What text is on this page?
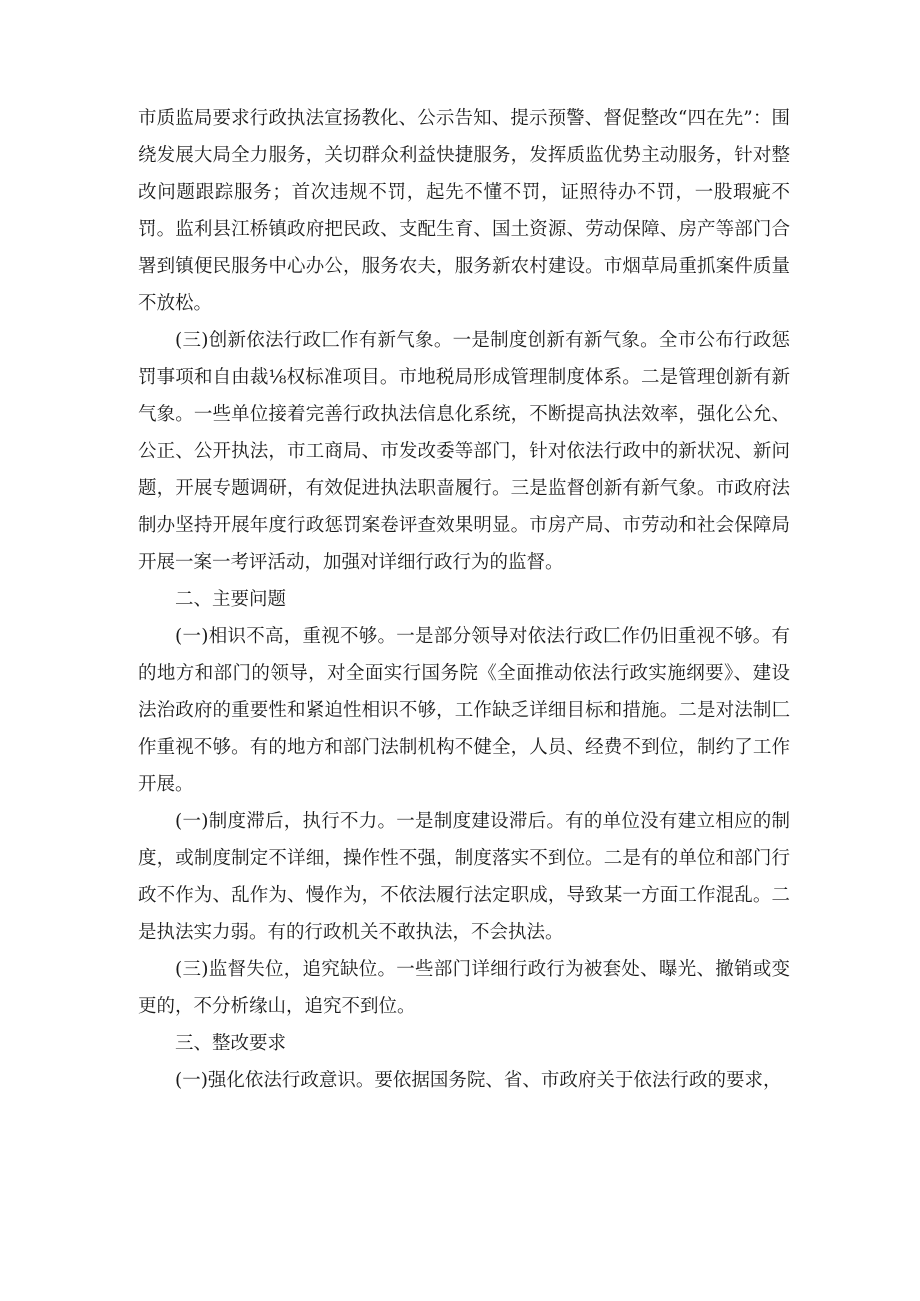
市质监局要求行政执法宣扬教化、公示告知、提示预警、督促整改“四在先”：围绕发展大局全力服务，关切群众利益快捷服务，发挥质监优势主动服务，针对整改问题跟踪服务；首次违规不罚，起先不懂不罚，证照待办不罚，一股瑕疵不罚。监利县江桥镇政府把民政、支配生育、国土资源、劳动保障、房产等部门合署到镇便民服务中心办公，服务农夫，服务新农村建设。市烟草局重抓案件质量不放松。

(三)创新依法行政匚作有新气象。一是制度创新有新气象。全市公布行政惩罚事项和自由裁⅛权标准项目。市地税局形成管理制度体系。二是管理创新有新气象。一些单位接着完善行政执法信息化系统，不断提高执法效率，强化公允、公正、公开执法，市工商局、市发改委等部门，针对依法行政中的新状况、新问题，开展专题调研，有效促进执法职啬履行。三是监督创新有新气象。市政府法制办坚持开展年度行政惩罚案卷评查效果明显。市房产局、市劳动和社会保障局开展一案一考评活动，加强对详细行政行为的监督。

二、主要问题

(一)相识不高，重视不够。一是部分领导对依法行政匚作仍旧重视不够。有的地方和部门的领导，对全面实行国务院《全面推动依法行政实施纲要》、建设法治政府的重要性和紧迫性相识不够，工作缺乏详细目标和措施。二是对法制匚作重视不够。有的地方和部门法制机构不健全，人员、经费不到位，制约了工作开展。

(一)制度滞后，执行不力。一是制度建设滞后。有的单位没有建立相应的制度，或制度制定不详细，操作性不强，制度落实不到位。二是有的单位和部门行政不作为、乱作为、慢作为，不依法履行法定职成，导致某一方面工作混乱。二是执法实力弱。有的行政机关不敢执法，不会执法。

(三)监督失位，追究缺位。一些部门详细行政行为被套处、曝光、撤销或变更的，不分析缘山，追究不到位。

三、整改要求

(一)强化依法行政意识。要依据国务院、省、市政府关于依法行政的要求，
